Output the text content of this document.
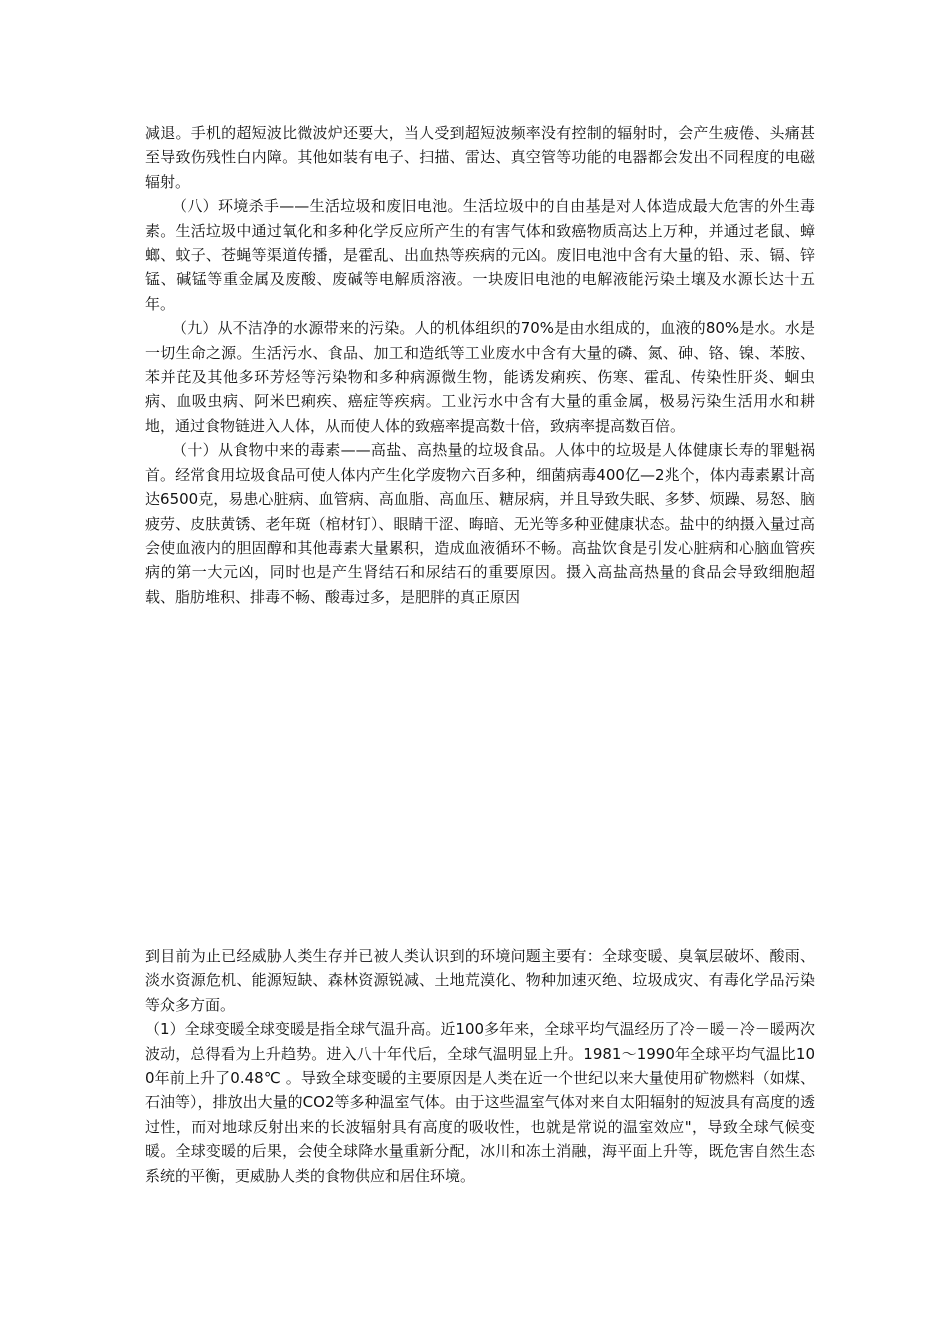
减退。手机的超短波比微波炉还要大，当人受到超短波频率没有控制的辐射时，会产生疲倦、头痛甚至导致伤残性白内障。其他如装有电子、扫描、雷达、真空管等功能的电器都会发出不同程度的电磁辐射。

（八）环境杀手——生活垃圾和废旧电池。生活垃圾中的自由基是对人体造成最大危害的外生毒素。生活垃圾中通过氧化和多种化学反应所产生的有害气体和致癌物质高达上万种，并通过老鼠、蟑螂、蚊子、苍蝇等渠道传播，是霍乱、出血热等疾病的元凶。废旧电池中含有大量的铅、汞、镉、锌锰、碱锰等重金属及废酸、废碱等电解质溶液。一块废旧电池的电解液能污染土壤及水源长达十五年。

（九）从不洁净的水源带来的污染。人的机体组织的70%是由水组成的，血液的80%是水。水是一切生命之源。生活污水、食品、加工和造纸等工业废水中含有大量的磷、氮、砷、铬、镍、苯胺、苯并芘及其他多环芳烃等污染物和多种病源微生物，能诱发痢疾、伤寒、霍乱、传染性肝炎、蛔虫病、血吸虫病、阿米巴痢疾、癌症等疾病。工业污水中含有大量的重金属，极易污染生活用水和耕地，通过食物链进入人体，从而使人体的致癌率提高数十倍，致病率提高数百倍。

（十）从食物中来的毒素——高盐、高热量的垃圾食品。人体中的垃圾是人体健康长寿的罪魁祸首。经常食用垃圾食品可使人体内产生化学废物六百多种，细菌病毒400亿—2兆个，体内毒素累计高达6500克，易患心脏病、血管病、高血脂、高血压、糖尿病，并且导致失眠、多梦、烦躁、易怒、脑疲劳、皮肤黄锈、老年斑（棺材钉）、眼睛干涩、晦暗、无光等多种亚健康状态。盐中的纳摄入量过高会使血液内的胆固醇和其他毒素大量累积，造成血液循环不畅。高盐饮食是引发心脏病和心脑血管疾病的第一大元凶，同时也是产生肾结石和尿结石的重要原因。摄入高盐高热量的食品会导致细胞超载、脂肪堆积、排毒不畅、酸毒过多，是肥胖的真正原因

到目前为止已经威胁人类生存并已被人类认识到的环境问题主要有：全球变暖、臭氧层破坏、酸雨、淡水资源危机、能源短缺、森林资源锐减、土地荒漠化、物种加速灭绝、垃圾成灾、有毒化学品污染等众多方面。

（1）全球变暖全球变暖是指全球气温升高。近100多年来，全球平均气温经历了冷－暖－冷－暖两次波动，总得看为上升趋势。进入八十年代后，全球气温明显上升。1981～1990年全球平均气温比100年前上升了0.48℃ 。导致全球变暖的主要原因是人类在近一个世纪以来大量使用矿物燃料（如煤、石油等），排放出大量的CO2等多种温室气体。由于这些温室气体对来自太阳辐射的短波具有高度的透过性，而对地球反射出来的长波辐射具有高度的吸收性，也就是常说的温室效应"，导致全球气候变暖。全球变暖的后果，会使全球降水量重新分配，冰川和冻土消融，海平面上升等，既危害自然生态系统的平衡，更威胁人类的食物供应和居住环境。
